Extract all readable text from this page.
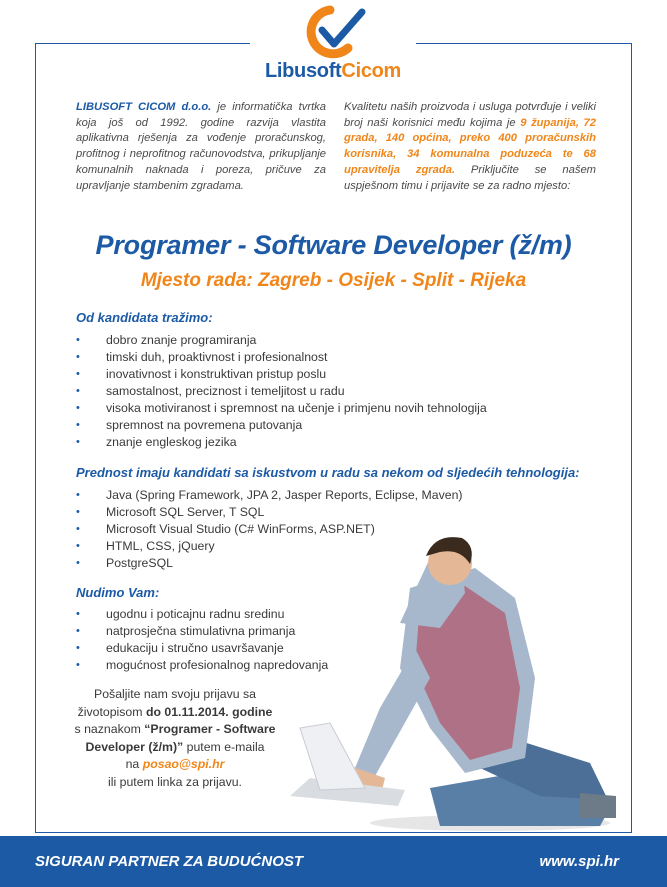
LibusoftCicom
LIBUSOFT CICOM d.o.o. je informatička tvrtka koja još od 1992. godine razvija vlastita aplikativna rješenja za vođenje proračunskog, profitnog i neprofitnog računovodstva, prikupljanje komunalnih naknada i poreza, pričuve za upravljanje stambenim zgradama.
Kvalitetu naših proizvoda i usluga potvrđuje i veliki broj naši korisnici među kojima je 9 županija, 72 grada, 140 općina, preko 400 proračunskih korisnika, 34 komunalna poduzeća te 68 upravitelja zgrada. Priključite se našem uspješnom timu i prijavite se za radno mjesto:
Programer - Software Developer (ž/m)
Mjesto rada: Zagreb - Osijek - Split - Rijeka
Od kandidata tražimo:
• dobro znanje programiranja
• timski duh, proaktivnost i profesionalnost
• inovativnost i konstruktivan pristup poslu
• samostalnost, preciznost i temeljitost u radu
• visoka motiviranost i spremnost na učenje i primjenu novih tehnologija
• spremnost na povremena putovanja
• znanje engleskog jezika
Prednost imaju kandidati sa iskustvom u radu sa nekom od sljedećih tehnologija:
• Java (Spring Framework, JPA 2, Jasper Reports, Eclipse, Maven)
• Microsoft SQL Server, T SQL
• Microsoft Visual Studio (C# WinForms, ASP.NET)
• HTML, CSS, jQuery
• PostgreSQL
Nudimo Vam:
• ugodnu i poticajnu radnu sredinu
• natprosječna stimulativna primanja
• edukaciju i stručno usavršavanje
• mogućnost profesionalnog napredovanja
Pošaljite nam svoju prijavu sa
životopisom do 01.11.2014. godine
s naznakom “Programer - Software
Developer (ž/m)” putem e-maila
na posao@spi.hr
ili putem linka za prijavu.
SIGURAN PARTNER ZA BUDUĆNOST	www.spi.hr
